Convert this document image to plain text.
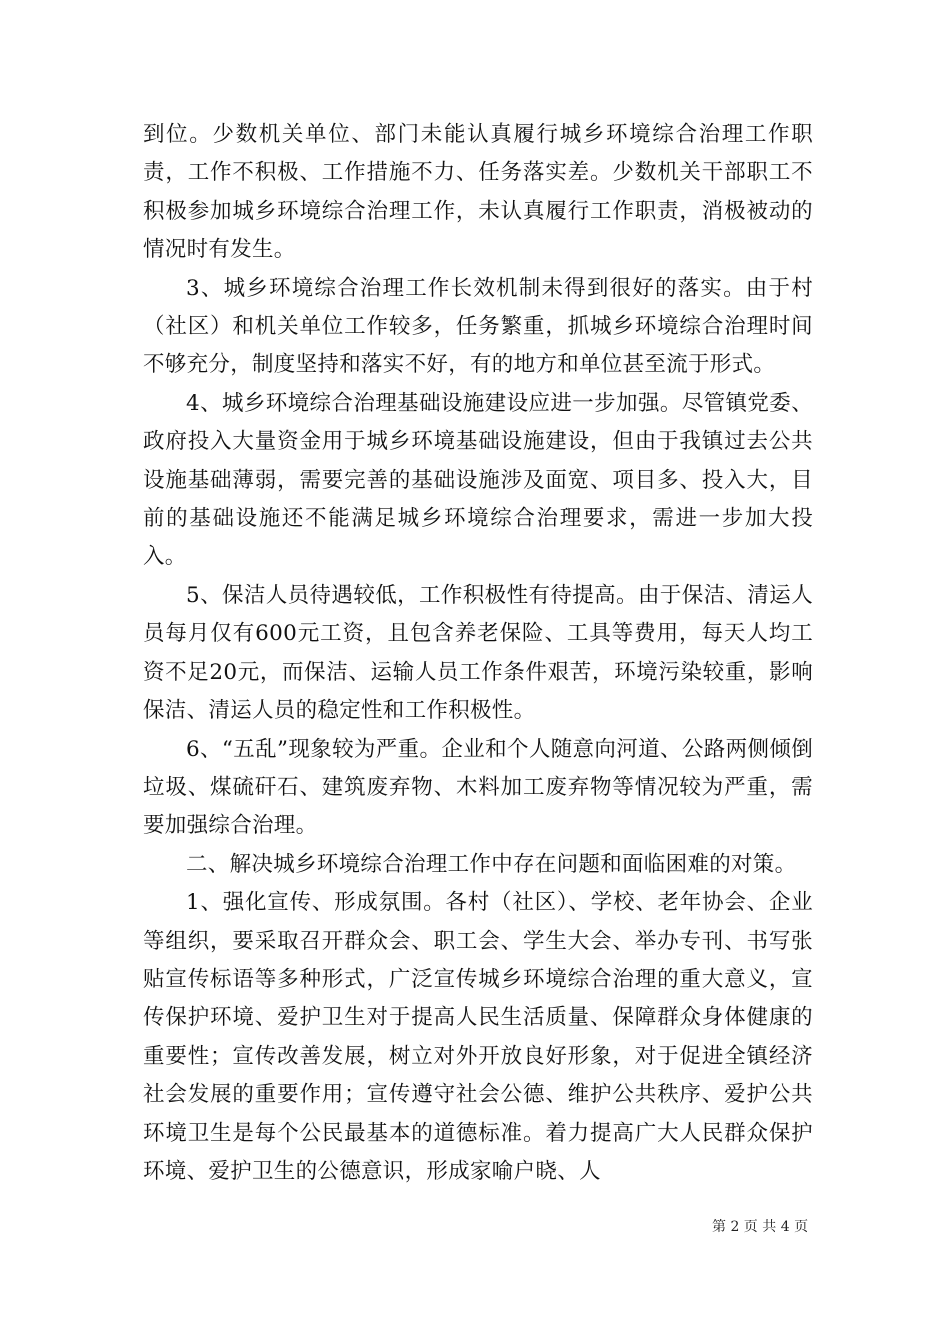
到位。少数机关单位、部门未能认真履行城乡环境综合治理工作职责，工作不积极、工作措施不力、任务落实差。少数机关干部职工不积极参加城乡环境综合治理工作，未认真履行工作职责，消极被动的情况时有发生。

3、城乡环境综合治理工作长效机制未得到很好的落实。由于村（社区）和机关单位工作较多，任务繁重，抓城乡环境综合治理时间不够充分，制度坚持和落实不好，有的地方和单位甚至流于形式。

4、城乡环境综合治理基础设施建设应进一步加强。尽管镇党委、政府投入大量资金用于城乡环境基础设施建设，但由于我镇过去公共设施基础薄弱，需要完善的基础设施涉及面宽、项目多、投入大，目前的基础设施还不能满足城乡环境综合治理要求，需进一步加大投入。

5、保洁人员待遇较低，工作积极性有待提高。由于保洁、清运人员每月仅有600元工资，且包含养老保险、工具等费用，每天人均工资不足20元，而保洁、运输人员工作条件艰苦，环境污染较重，影响保洁、清运人员的稳定性和工作积极性。

6、“五乱”现象较为严重。企业和个人随意向河道、公路两侧倾倒垃圾、煤硫矸石、建筑废弃物、木料加工废弃物等情况较为严重，需要加强综合治理。

二、解决城乡环境综合治理工作中存在问题和面临困难的对策。

1、强化宣传、形成氛围。各村（社区）、学校、老年协会、企业等组织，要采取召开群众会、职工会、学生大会、举办专刊、书写张贴宣传标语等多种形式，广泛宣传城乡环境综合治理的重大意义，宣传保护环境、爱护卫生对于提高人民生活质量、保障群众身体健康的重要性；宣传改善发展，树立对外开放良好形象，对于促进全镇经济社会发展的重要作用；宣传遵守社会公德、维护公共秩序、爱护公共环境卫生是每个公民最基本的道德标准。着力提高广大人民群众保护环境、爱护卫生的公德意识，形成家喻户晓、人

第 2 页 共 4 页
